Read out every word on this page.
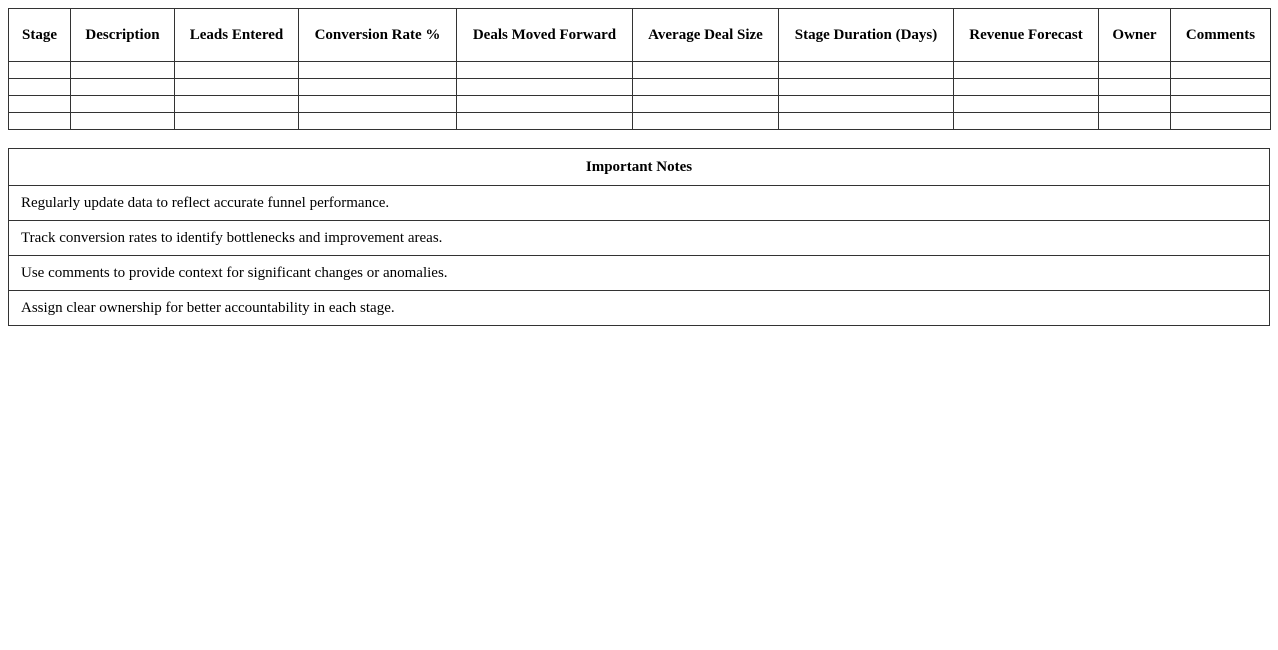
Stage	Description	Leads Entered	Conversion Rate %	Deals Moved Forward	Average Deal Size	Stage Duration (Days)	Revenue Forecast	Owner	Comments

Important Notes
Regularly update data to reflect accurate funnel performance.
Track conversion rates to identify bottlenecks and improvement areas.
Use comments to provide context for significant changes or anomalies.
Assign clear ownership for better accountability in each stage.
